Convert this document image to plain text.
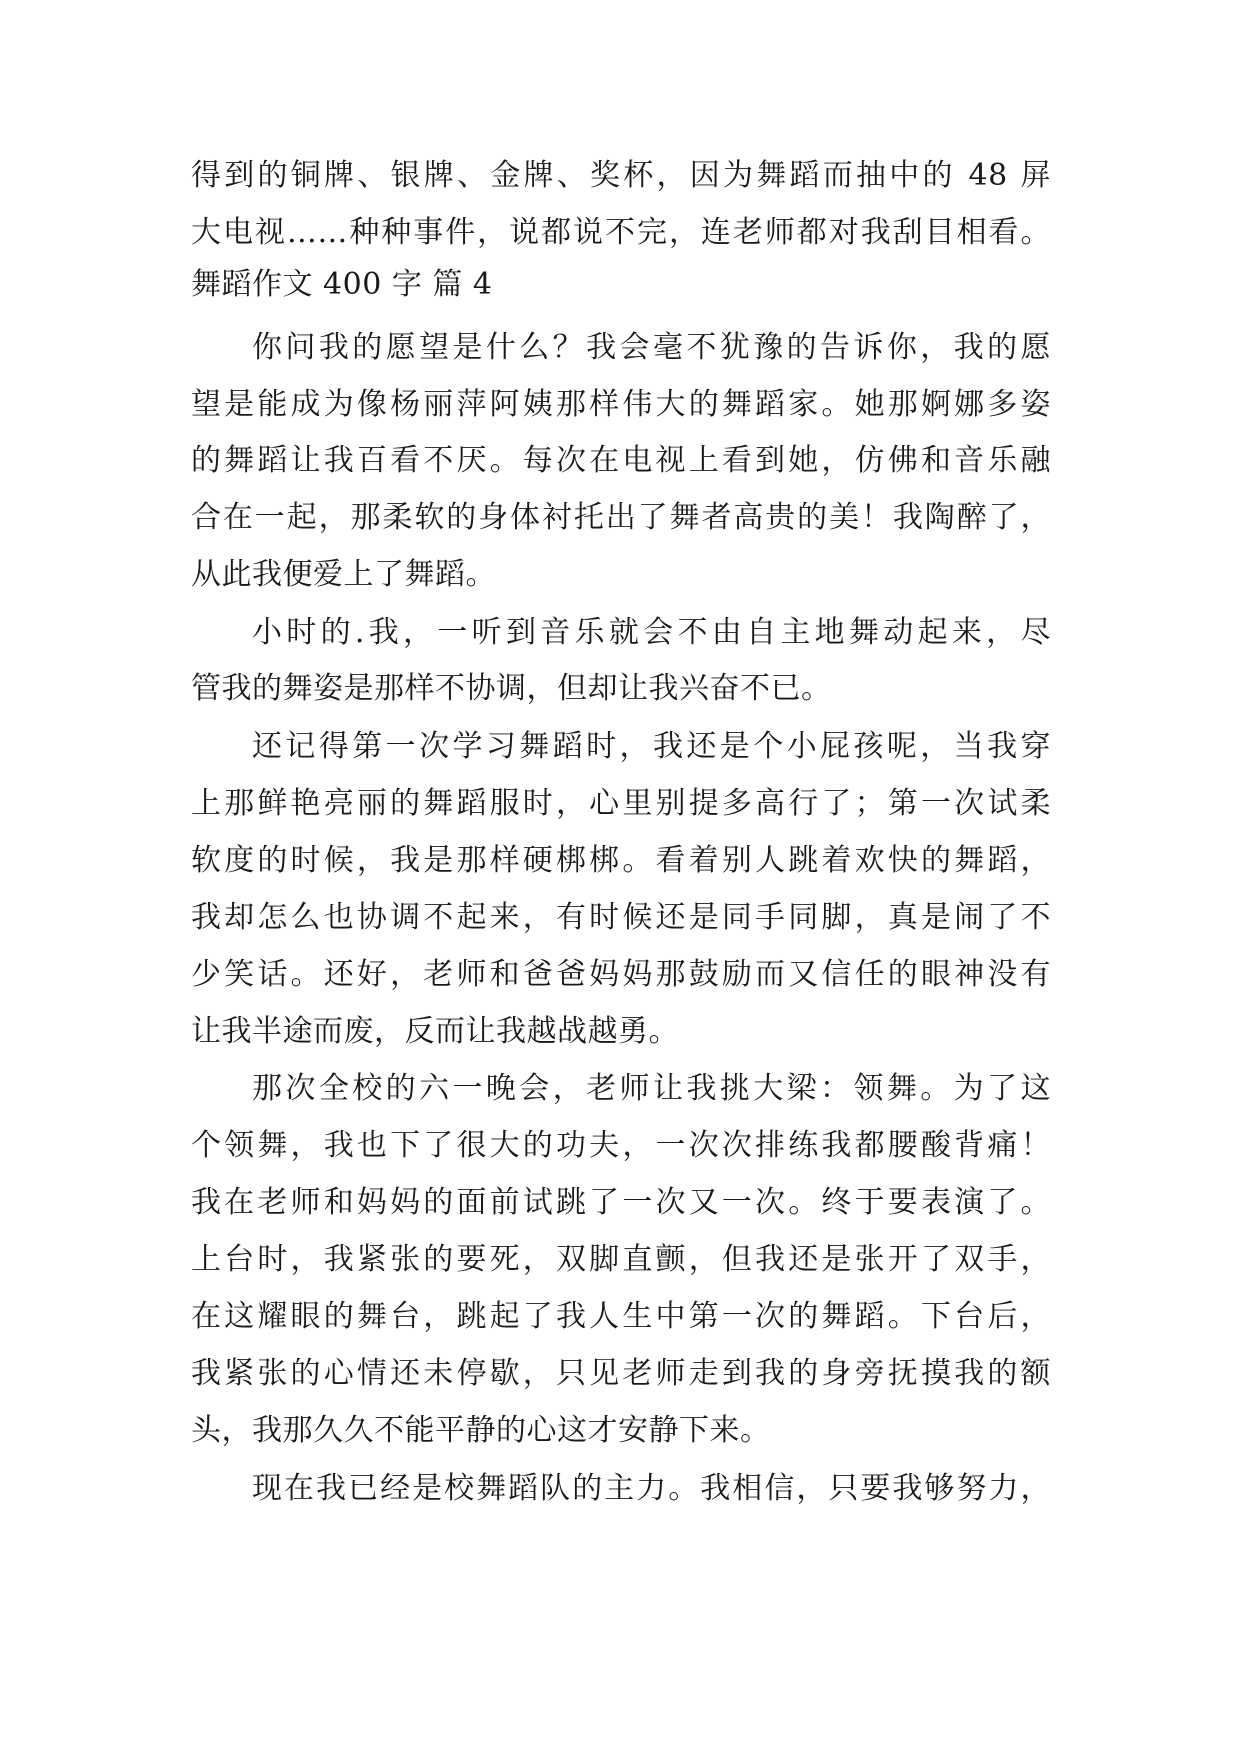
得到的铜牌、银牌、金牌、奖杯，因为舞蹈而抽中的 48 屏
大电视……种种事件，说都说不完，连老师都对我刮目相看。
舞蹈作文 400 字 篇 4
你问我的愿望是什么？我会毫不犹豫的告诉你，我的愿
望是能成为像杨丽萍阿姨那样伟大的舞蹈家。她那婀娜多姿
的舞蹈让我百看不厌。每次在电视上看到她，仿佛和音乐融
合在一起，那柔软的身体衬托出了舞者高贵的美！我陶醉了，
从此我便爱上了舞蹈。
小时的.我，一听到音乐就会不由自主地舞动起来，尽
管我的舞姿是那样不协调，但却让我兴奋不已。
还记得第一次学习舞蹈时，我还是个小屁孩呢，当我穿
上那鲜艳亮丽的舞蹈服时，心里别提多高行了；第一次试柔
软度的时候，我是那样硬梆梆。看着别人跳着欢快的舞蹈，
我却怎么也协调不起来，有时候还是同手同脚，真是闹了不
少笑话。还好，老师和爸爸妈妈那鼓励而又信任的眼神没有
让我半途而废，反而让我越战越勇。
那次全校的六一晚会，老师让我挑大梁：领舞。为了这
个领舞，我也下了很大的功夫，一次次排练我都腰酸背痛！
我在老师和妈妈的面前试跳了一次又一次。终于要表演了。
上台时，我紧张的要死，双脚直颤，但我还是张开了双手，
在这耀眼的舞台，跳起了我人生中第一次的舞蹈。下台后，
我紧张的心情还未停歇，只见老师走到我的身旁抚摸我的额
头，我那久久不能平静的心这才安静下来。
现在我已经是校舞蹈队的主力。我相信，只要我够努力，
